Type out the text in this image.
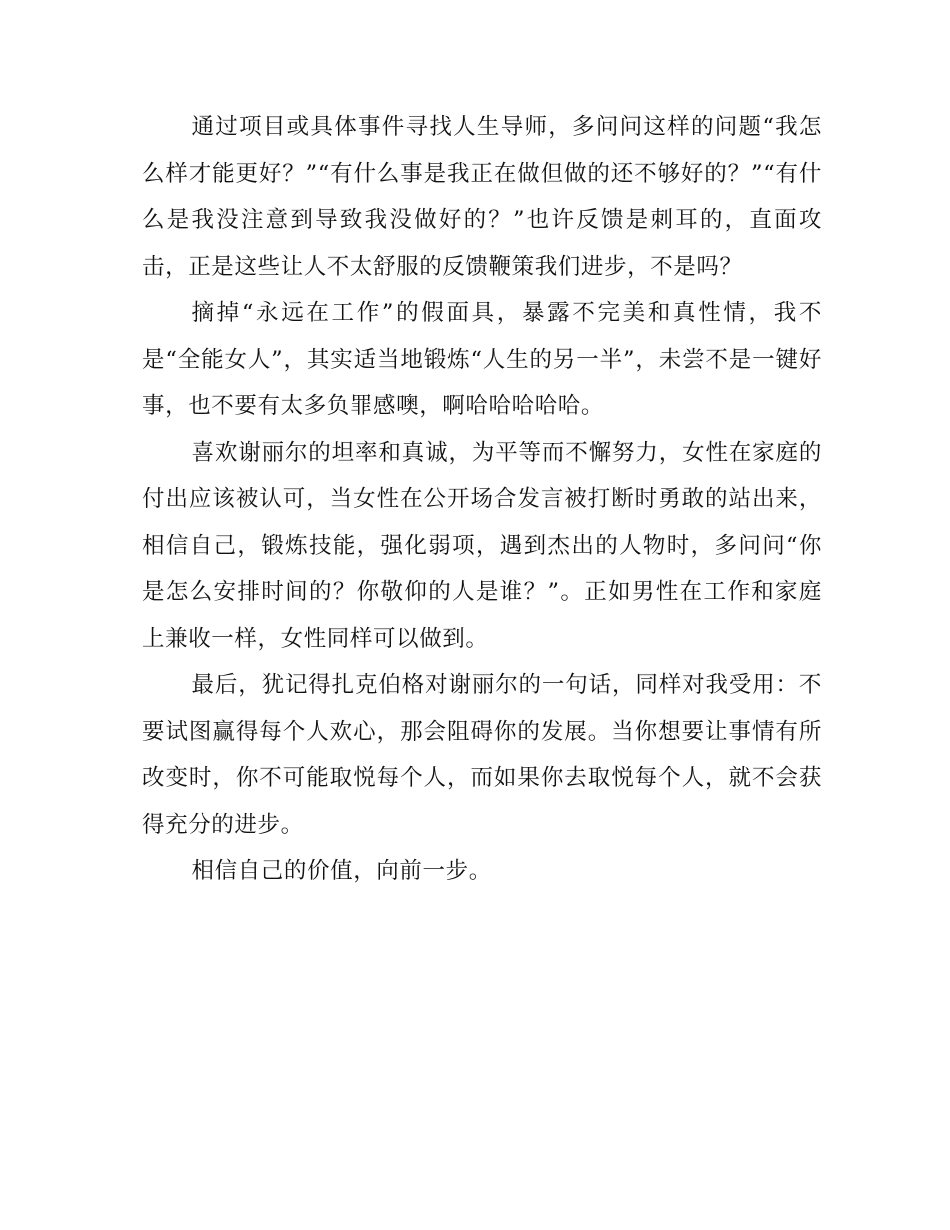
通过项目或具体事件寻找人生导师，多问问这样的问题“我怎么样才能更好？”“有什么事是我正在做但做的还不够好的？”“有什么是我没注意到导致我没做好的？”也许反馈是刺耳的，直面攻击，正是这些让人不太舒服的反馈鞭策我们进步，不是吗？

摘掉“永远在工作”的假面具，暴露不完美和真性情，我不是“全能女人”，其实适当地锻炼“人生的另一半”，未尝不是一键好事，也不要有太多负罪感噢，啊哈哈哈哈哈。

喜欢谢丽尔的坦率和真诚，为平等而不懈努力，女性在家庭的付出应该被认可，当女性在公开场合发言被打断时勇敢的站出来，相信自己，锻炼技能，强化弱项，遇到杰出的人物时，多问问“你是怎么安排时间的？你敬仰的人是谁？”。正如男性在工作和家庭上兼收一样，女性同样可以做到。

最后，犹记得扎克伯格对谢丽尔的一句话，同样对我受用：不要试图赢得每个人欢心，那会阻碍你的发展。当你想要让事情有所改变时，你不可能取悦每个人，而如果你去取悦每个人，就不会获得充分的进步。

相信自己的价值，向前一步。
